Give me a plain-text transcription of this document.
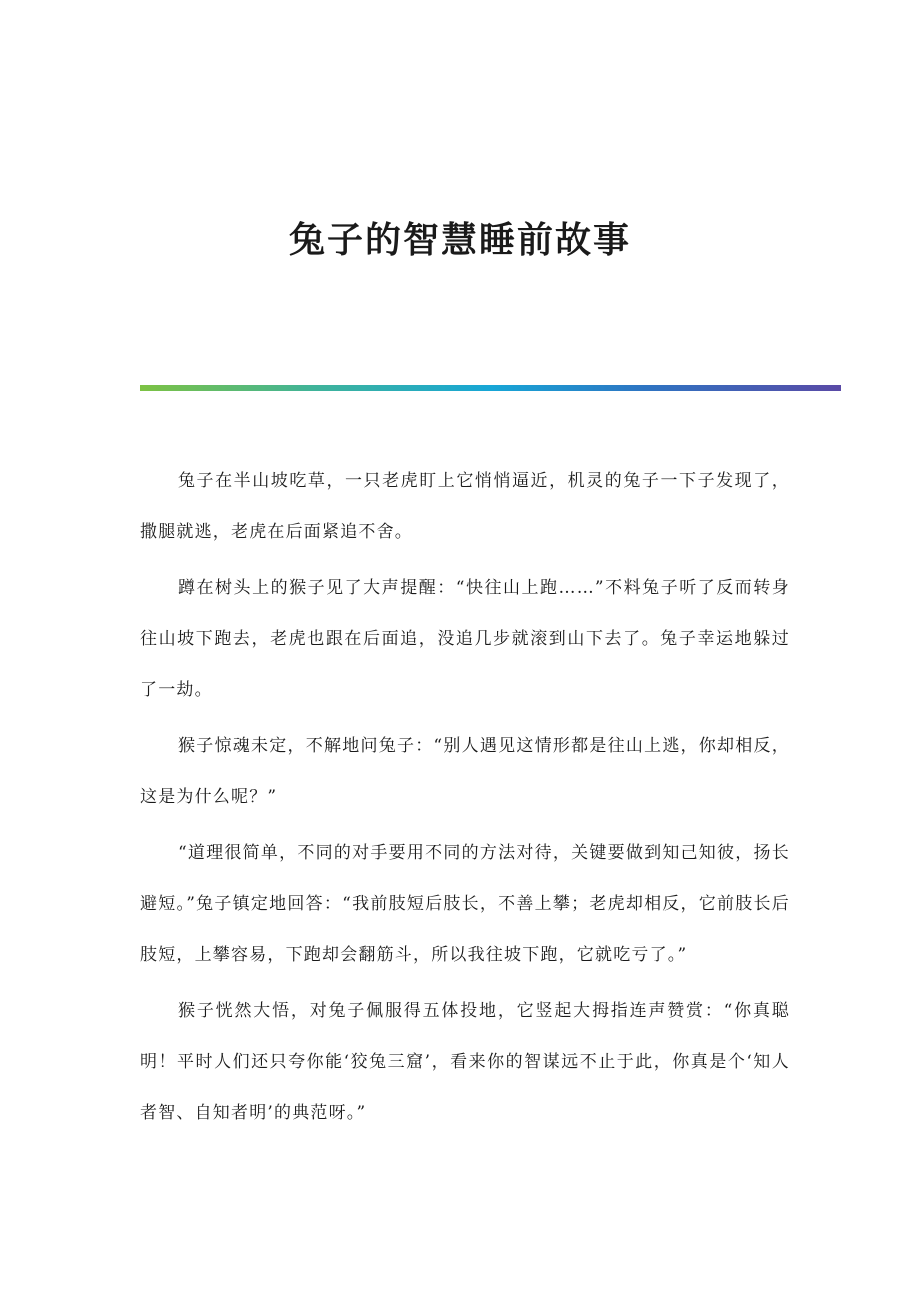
兔子的智慧睡前故事

兔子在半山坡吃草，一只老虎盯上它悄悄逼近，机灵的兔子一下子发现了，撒腿就逃，老虎在后面紧追不舍。

蹲在树头上的猴子见了大声提醒：“快往山上跑……”不料兔子听了反而转身往山坡下跑去，老虎也跟在后面追，没追几步就滚到山下去了。兔子幸运地躲过了一劫。

猴子惊魂未定，不解地问兔子：“别人遇见这情形都是往山上逃，你却相反，这是为什么呢？”

“道理很简单，不同的对手要用不同的方法对待，关键要做到知己知彼，扬长避短。”兔子镇定地回答：“我前肢短后肢长，不善上攀；老虎却相反，它前肢长后肢短，上攀容易，下跑却会翻筋斗，所以我往坡下跑，它就吃亏了。”

猴子恍然大悟，对兔子佩服得五体投地，它竖起大拇指连声赞赏：“你真聪明！平时人们还只夸你能‘狡兔三窟’，看来你的智谋远不止于此，你真是个‘知人者智、自知者明’的典范呀。”
